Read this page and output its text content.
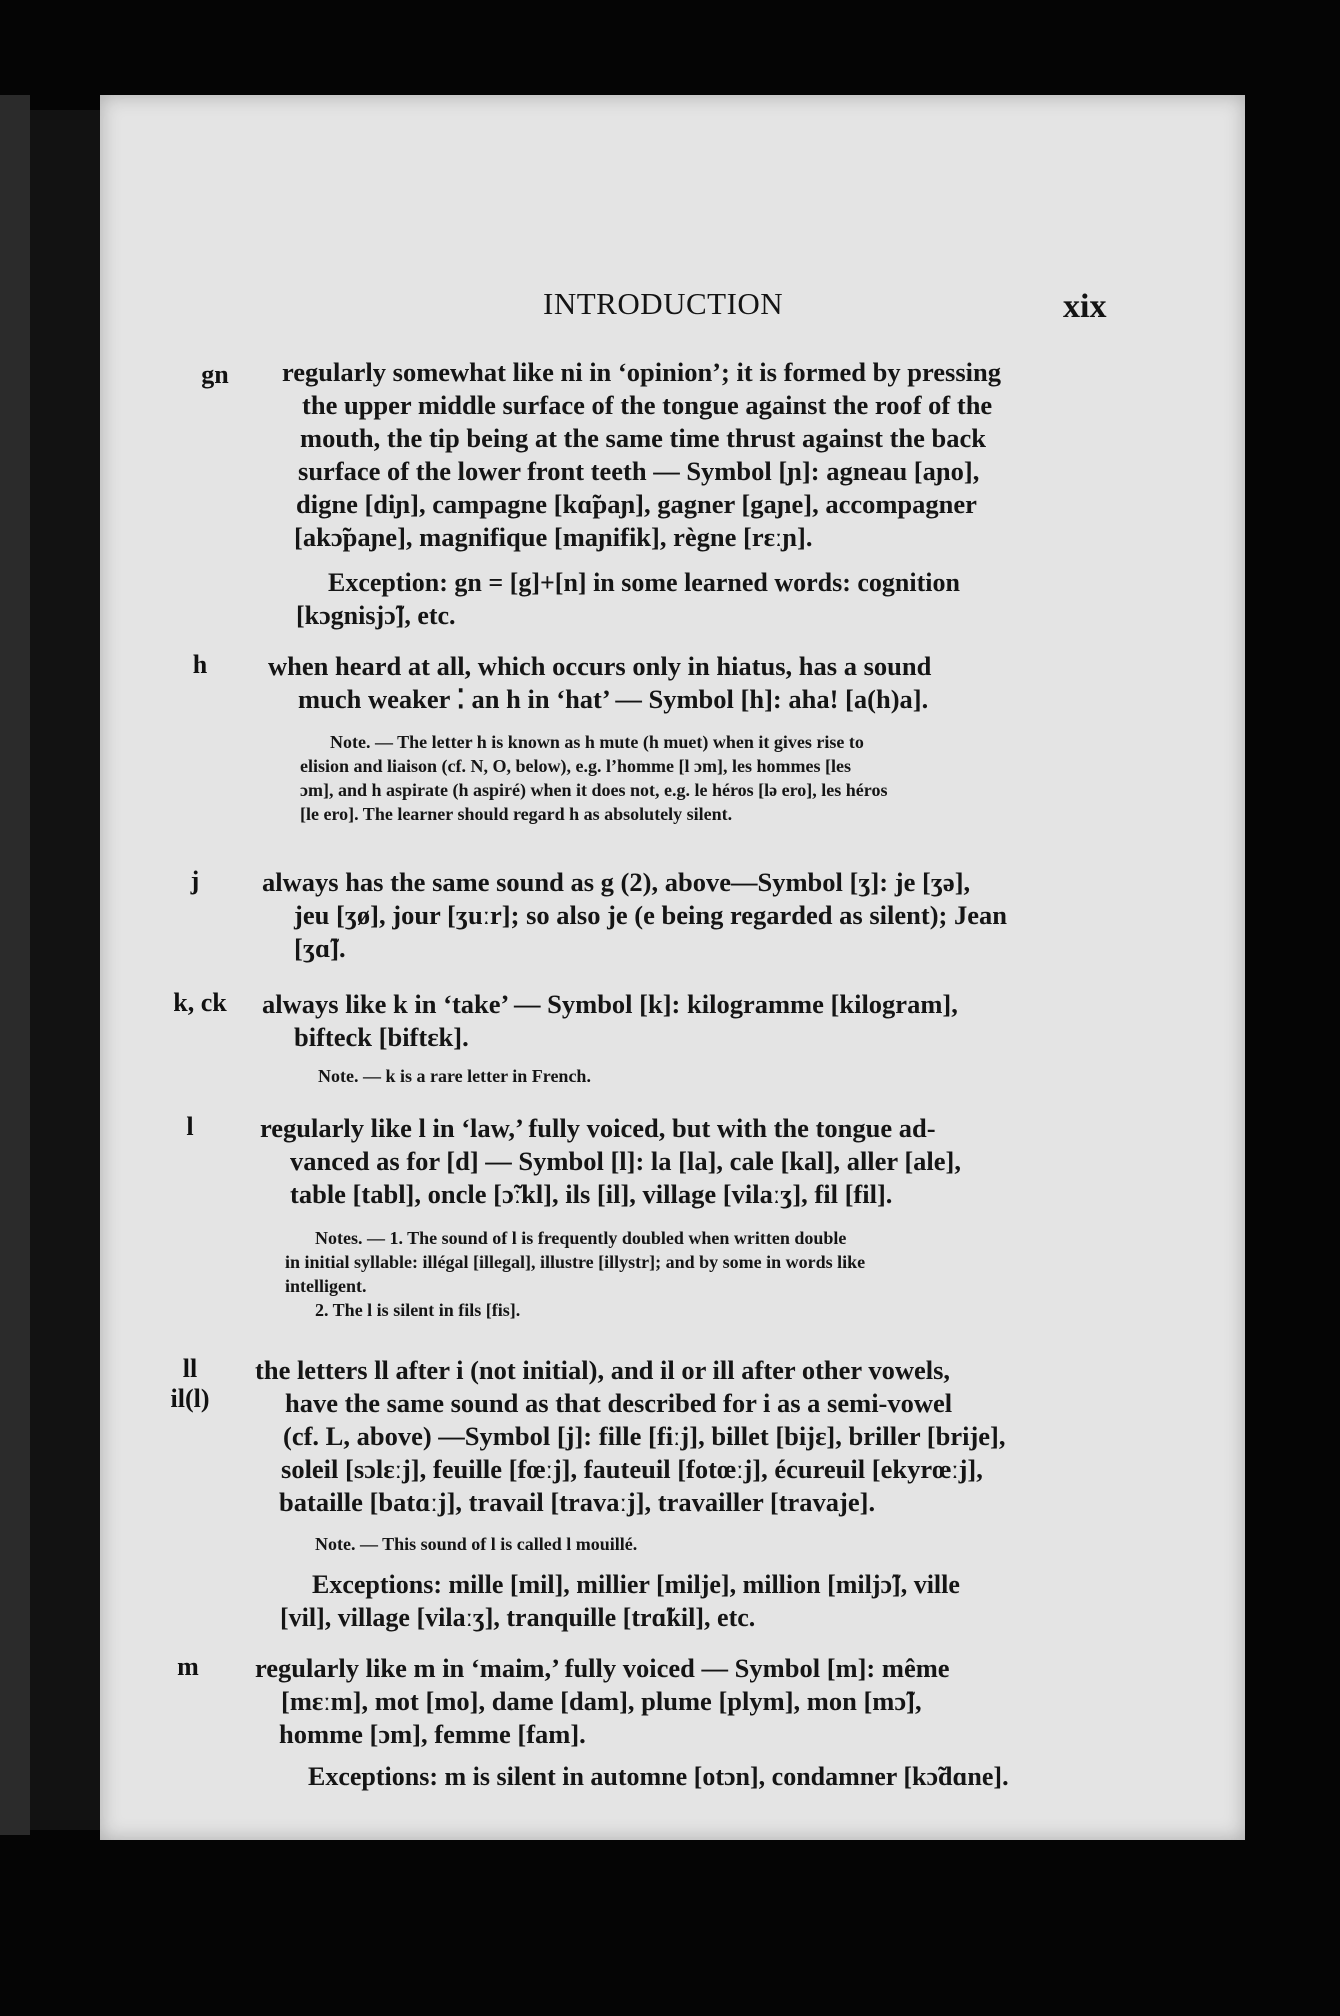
INTRODUCTION	xix
gn	regularly somewhat like ni in ‘opinion’; it is formed by pressing
the upper middle surface of the tongue against the roof of the
mouth, the tip being at the same time thrust against the back
surface of the lower front teeth — Symbol [ɲ]: agneau [aɲo],
digne [diɲ], campagne [kɑ̃paɲ], gagner [gaɲe], accompagner
[akɔ̃paɲe], magnifique [maɲifik], règne [rɛːɲ].
Exception: gn = [g]+[n] in some learned words: cognition
[kɔgnisjɔ̃], etc.
h	when heard at all, which occurs only in hiatus, has a sound
much weaker ⁚ an h in ‘hat’ — Symbol [h]: aha! [a(h)a].
Note. — The letter h is known as h mute (h muet) when it gives rise to
elision and liaison (cf. N, O, below), e.g. l’homme [l ɔm], les hommes [les
ɔm], and h aspirate (h aspiré) when it does not, e.g. le héros [lə ero], les héros
[le ero]. The learner should regard h as absolutely silent.
j	always has the same sound as g (2), above—Symbol [ʒ]: je [ʒə],
jeu [ʒø], jour [ʒuːr]; so also je (e being regarded as silent); Jean
[ʒɑ̃].
k, ck	always like k in ‘take’ — Symbol [k]: kilogramme [kilogram],
bifteck [biftɛk].
Note. — k is a rare letter in French.
l	regularly like l in ‘law,’ fully voiced, but with the tongue ad-
vanced as for [d] — Symbol [l]: la [la], cale [kal], aller [ale],
table [tabl], oncle [ɔ̃ːkl], ils [il], village [vilaːʒ], fil [fil].
Notes. — 1. The sound of l is frequently doubled when written double
in initial syllable: illégal [illegal], illustre [illystr]; and by some in words like
intelligent.
2. The l is silent in fils [fis].
ll
il(l)
the letters ll after i (not initial), and il or ill after other vowels,
have the same sound as that described for i as a semi-vowel
(cf. L, above) —Symbol [j]: fille [fiːj], billet [bijɛ], briller [brije],
soleil [sɔlɛːj], feuille [fœːj], fauteuil [fotœːj], écureuil [ekyrœːj],
bataille [batɑːj], travail [travaːj], travailler [travaje].
Note. — This sound of l is called l mouillé.
Exceptions: mille [mil], millier [milje], million [miljɔ̃], ville
[vil], village [vilaːʒ], tranquille [trɑ̃kil], etc.
m	regularly like m in ‘maim,’ fully voiced — Symbol [m]: même
[mɛːm], mot [mo], dame [dam], plume [plym], mon [mɔ̃],
homme [ɔm], femme [fam].
Exceptions: m is silent in automne [otɔn], condamner [kɔ̃dɑne].
